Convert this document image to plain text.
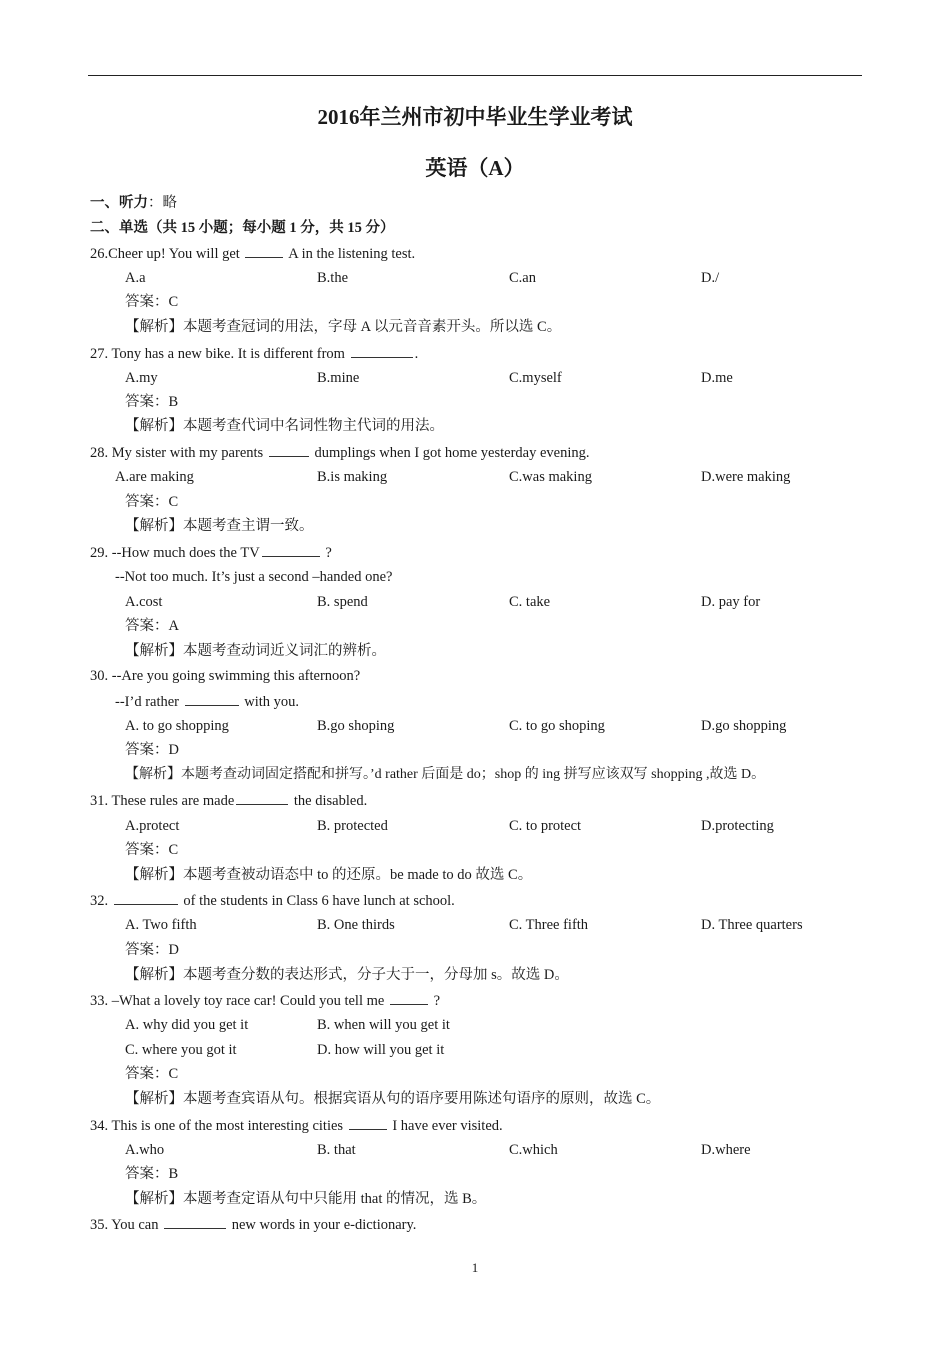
2016年兰州市初中毕业生学业考试
英语（A）
一、听力：略
二、单选（共 15 小题；每小题 1 分，共 15 分）
26.Cheer up! You will get	A in the listening test.
A.a	B.the	C.an	D./
答案：C
【解析】本题考查冠词的用法，字母 A 以元音音素开头。所以选 C。
27. Tony has a new bike. It is different from	.
A.my	B.mine	C.myself	D.me
答案：B
【解析】本题考查代词中名词性物主代词的用法。
28. My sister with my parents	dumplings when I got home yesterday evening.
A.are making	B.is making	C.was making	D.were making
答案：C
【解析】本题考查主谓一致。
29. --How much does the TV	?
--Not too much. It’s just a second –handed one?
A.cost	B. spend	C. take	D. pay for
答案：A
【解析】本题考查动词近义词汇的辨析。
30. --Are you going swimming this afternoon?
--I’d rather	with you.
A. to go shopping	B.go shoping	C. to go shoping	D.go shopping
答案：D
【解析】本题考查动词固定搭配和拼写。’d rather 后面是 do；shop 的 ing 拼写应该双写 shopping ,故选 D。
31. These rules are made	the disabled.
A.protect	B. protected	C. to protect	D.protecting
答案：C
【解析】本题考查被动语态中 to 的还原。be made to do 故选 C。
32.	of the students in Class 6 have lunch at school.
A. Two fifth	B. One thirds	C. Three fifth	D. Three quarters
答案：D
【解析】本题考查分数的表达形式，分子大于一，分母加 s。故选 D。
33. –What a lovely toy race car! Could you tell me	?
A. why did you get it	B. when will you get it
C. where you got it	D. how will you get it
答案：C
【解析】本题考查宾语从句。根据宾语从句的语序要用陈述句语序的原则，故选 C。
34. This is one of the most interesting cities	I have ever visited.
A.who	B. that	C.which	D.where
答案：B
【解析】本题考查定语从句中只能用 that 的情况，选 B。
35. You can	new words in your e-dictionary.
1
